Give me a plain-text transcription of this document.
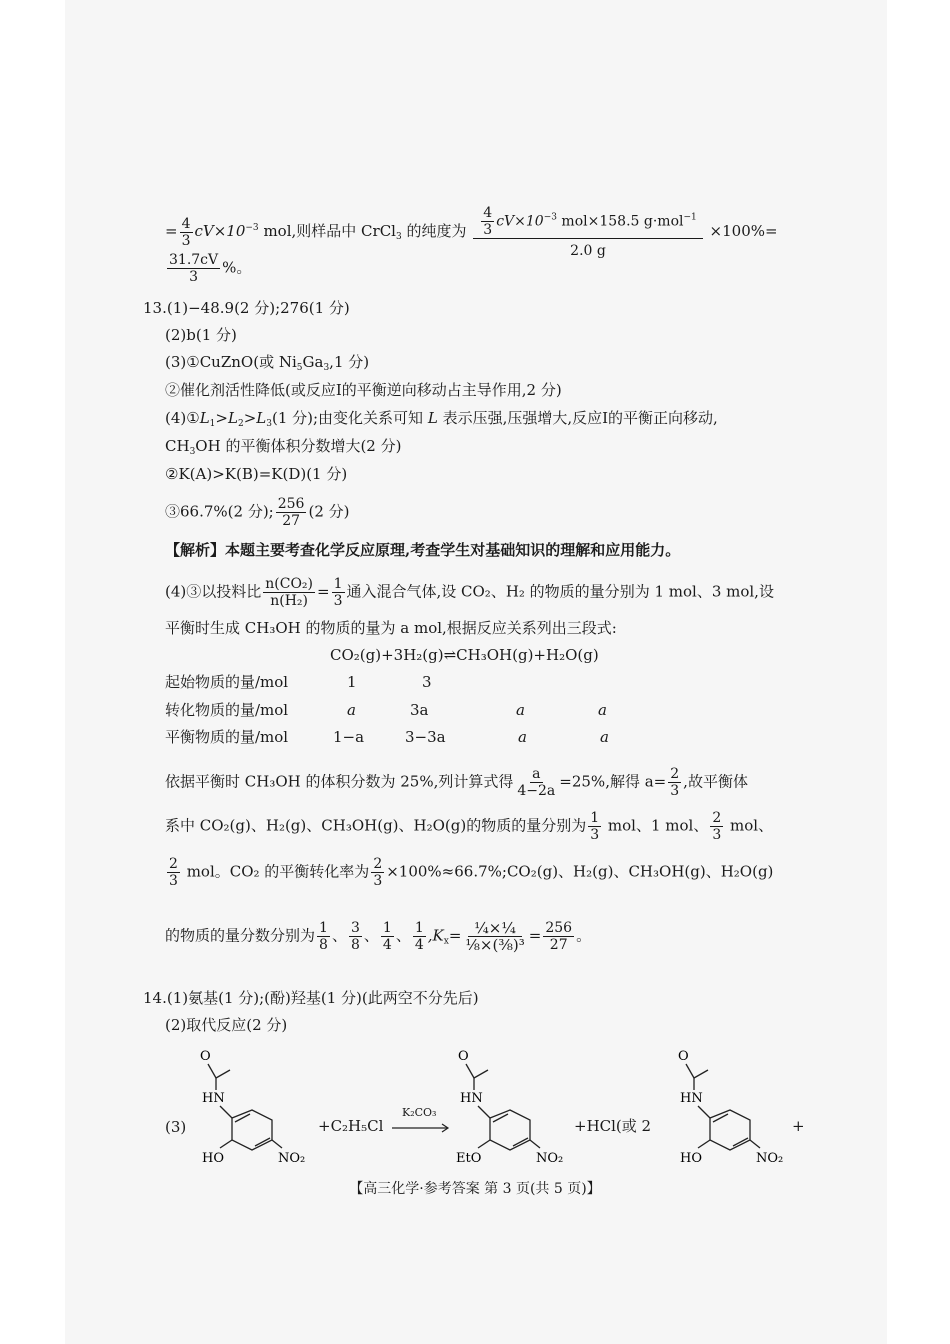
= $\frac{4}{3} cV\times 10^{-3}$ mol,则样品中 CrCl$_3$ 的纯度为 $\frac{\frac{4}{3} cV\times 10^{-3} mol\times 158.5 g\cdot mol^{-1}}{2.0 g} \times 100\%=$
$\frac{31.7cV}{3}$ %。
13.(1)−48.9(2 分);276(1 分)
(2)b(1 分)
(3)①CuZnO(或 $Ni_5Ga_3,1$ 分)
②催化剂活性降低(或反应Ⅰ的平衡逆向移动占主导作用,2 分)
$(4)①L_1>L_2>L_3(1$ 分);由变化关系可知 L 表示压强,压强增大,反应Ⅰ的平衡正向移动,
$CH_3OH$ 的平衡体积分数增大(2 分)
②K(A)>K(B)=K(D)(1 分)
③66.7%(2 分); $\frac{256}{27} (2$ 分)
【解析】本题主要考查化学反应原理,考查学生对基础知识的理解和应用能力。
(4)③以投料比 $\frac{\text{n(CO₂)}}{\text{n(H₂)}} = \frac{1}{3}$ 通入混合气体,设 CO₂、H₂ 的物质的量分别为 1 mol、3 mol,设
平衡时生成 CH₃OH 的物质的量为 a mol,根据反应关系列出三段式:
CO₂(g)+3H₂(g)⇌CH₃OH(g)+H₂O(g)
起始物质的量/mol	1	3
转化物质的量/mol	a	3a	a	a
平衡物质的量/mol	1−a	3−3a	a	a
依据平衡时 CH₃OH 的体积分数为 25%,列计算式得 $\frac{a}{4-2a} =25\%$,解得 $a= \frac{2}{3}$ ,故平衡体
系中 CO₂(g)、H₂(g)、CH₃OH(g)、H₂O(g)的物质的量分别为 $\frac{1}{3}$ mol、1 mol、 $\frac{2}{3}$ mol、
$\frac{2}{3}$ mol。CO₂ 的平衡转化率为 $\frac{2}{3}$ ×100%≈66.7%;CO₂(g)、H₂(g)、CH₃OH(g)、H₂O(g)
的物质的量分数分别为 $\frac{1}{8}$ 、 $\frac{3}{8}$ 、 $\frac{1}{4}$ 、 $\frac{1}{4} ,K_x= \frac{\text{¼×¼}}{\text{⅛×(⅜)³}} = \frac{256}{27}$ 。
14.(1)氨基(1 分);(酚)羟基(1 分)(此两空不分先后)
(2)取代反应(2 分)
(3)
O
HN
HO	NO₂
+C₂H₅Cl
K₂CO₃
O
HN
EtO	NO₂
+HCl(或 2
O
HN
HO	NO₂
+
【高三化学·参考答案 第 3 页(共 5 页)】
